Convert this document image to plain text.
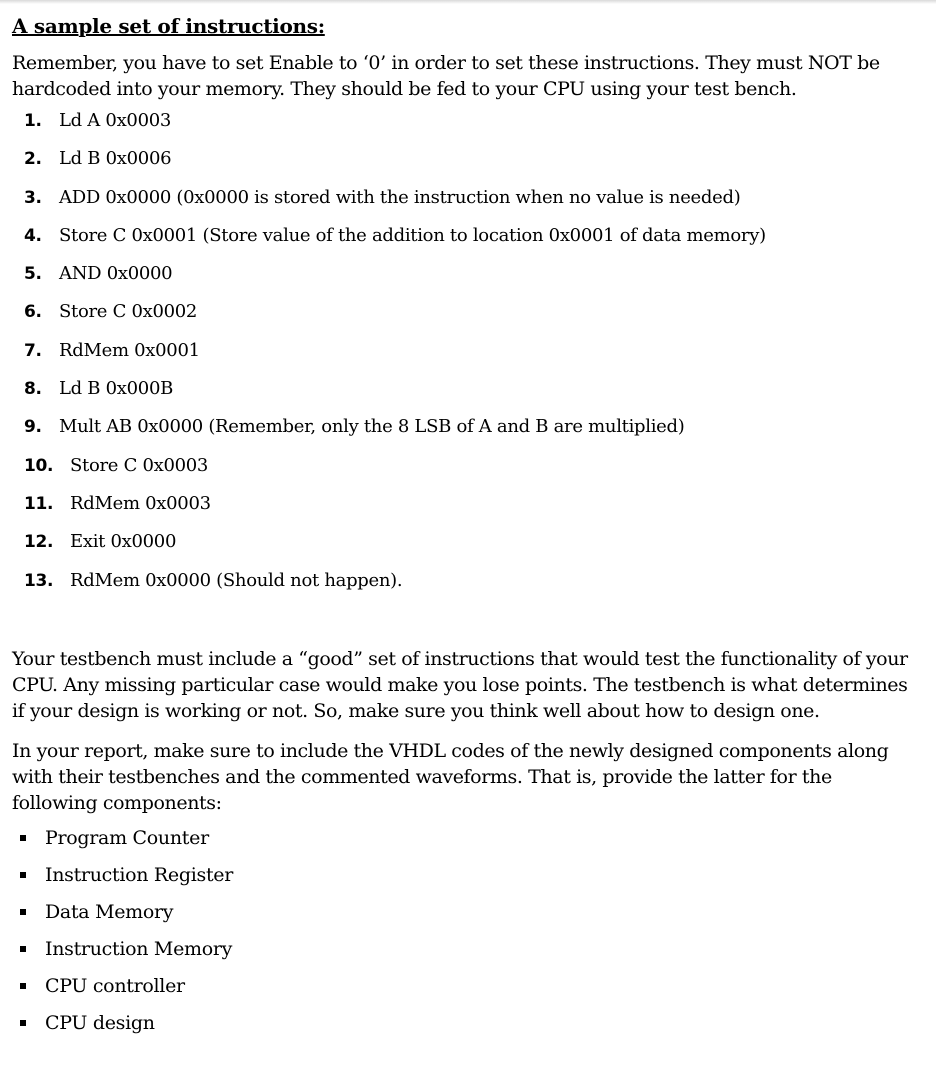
A sample set of instructions:

Remember, you have to set Enable to ‘0’ in order to set these instructions. They must NOT be hardcoded into your memory. They should be fed to your CPU using your test bench.

1. Ld A 0x0003
2. Ld B 0x0006
3. ADD 0x0000 (0x0000 is stored with the instruction when no value is needed)
4. Store C 0x0001 (Store value of the addition to location 0x0001 of data memory)
5. AND 0x0000
6. Store C 0x0002
7. RdMem 0x0001
8. Ld B 0x000B
9. Mult AB 0x0000 (Remember, only the 8 LSB of A and B are multiplied)
10. Store C 0x0003
11. RdMem 0x0003
12. Exit 0x0000
13. RdMem 0x0000 (Should not happen).

Your testbench must include a “good” set of instructions that would test the functionality of your CPU. Any missing particular case would make you lose points. The testbench is what determines if your design is working or not. So, make sure you think well about how to design one.

In your report, make sure to include the VHDL codes of the newly designed components along with their testbenches and the commented waveforms. That is, provide the latter for the following components:

Program Counter
Instruction Register
Data Memory
Instruction Memory
CPU controller
CPU design
